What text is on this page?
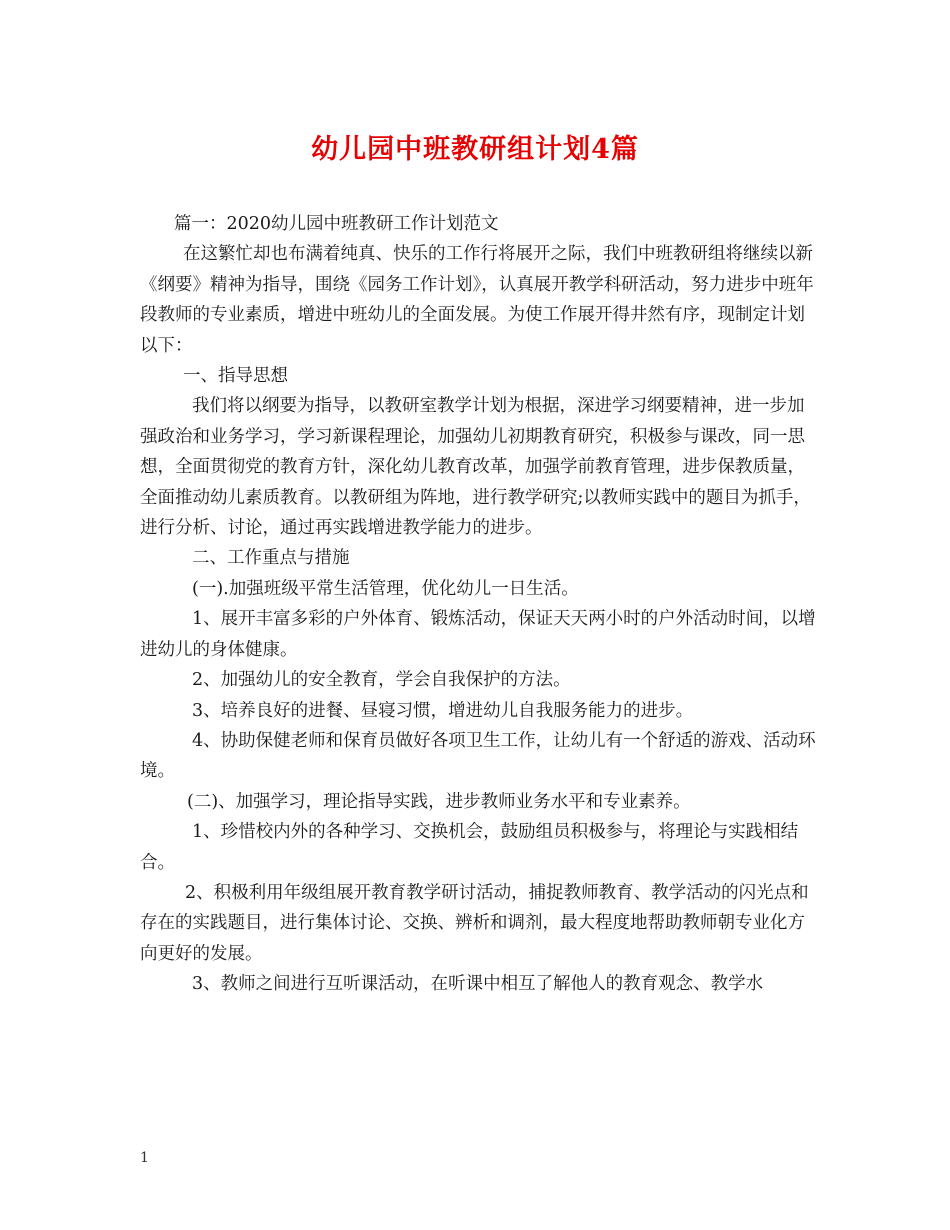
幼儿园中班教研组计划4篇

篇一：2020幼儿园中班教研工作计划范文

在这繁忙却也布满着纯真、快乐的工作行将展开之际，我们中班教研组将继续以新《纲要》精神为指导，围绕《园务工作计划》，认真展开教学科研活动，努力进步中班年段教师的专业素质，增进中班幼儿的全面发展。为使工作展开得井然有序，现制定计划以下：

一、指导思想

我们将以纲要为指导，以教研室教学计划为根据，深进学习纲要精神，进一步加强政治和业务学习，学习新课程理论，加强幼儿初期教育研究，积极参与课改，同一思想，全面贯彻党的教育方针，深化幼儿教育改革，加强学前教育管理，进步保教质量，全面推动幼儿素质教育。以教研组为阵地，进行教学研究;以教师实践中的题目为抓手，进行分析、讨论，通过再实践增进教学能力的进步。

二、工作重点与措施

(一).加强班级平常生活管理，优化幼儿一日生活。

1、展开丰富多彩的户外体育、锻炼活动，保证天天两小时的户外活动时间，以增进幼儿的身体健康。

2、加强幼儿的安全教育，学会自我保护的方法。

3、培养良好的进餐、昼寝习惯，增进幼儿自我服务能力的进步。

4、协助保健老师和保育员做好各项卫生工作，让幼儿有一个舒适的游戏、活动环境。

(二)、加强学习，理论指导实践，进步教师业务水平和专业素养。

1、珍惜校内外的各种学习、交换机会，鼓励组员积极参与，将理论与实践相结合。

2、积极利用年级组展开教育教学研讨活动，捕捉教师教育、教学活动的闪光点和存在的实践题目，进行集体讨论、交换、辨析和调剂，最大程度地帮助教师朝专业化方向更好的发展。

3、教师之间进行互听课活动，在听课中相互了解他人的教育观念、教学水

1
